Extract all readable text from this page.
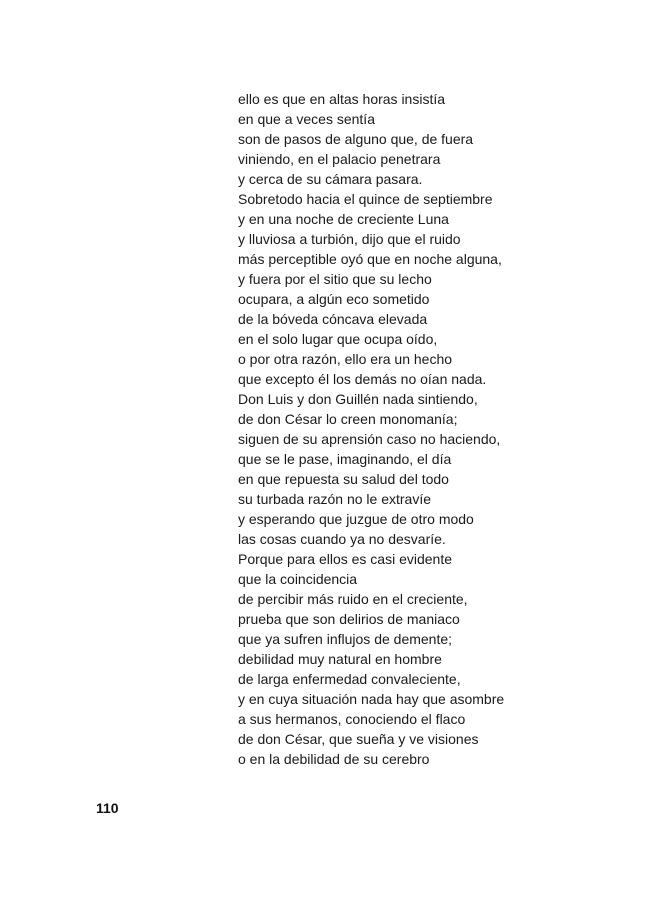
ello es que en altas horas insistía
en que a veces sentía
son de pasos de alguno que, de fuera
viniendo, en el palacio penetrara
y cerca de su cámara pasara.
Sobretodo hacia el quince de septiembre
y en una noche de creciente Luna
y lluviosa a turbión, dijo que el ruido
más perceptible oyó que en noche alguna,
y fuera por el sitio que su lecho
ocupara, a algún eco sometido
de la bóveda cóncava elevada
en el solo lugar que ocupa oído,
o por otra razón, ello era un hecho
que excepto él los demás no oían nada.
Don Luis y don Guillén nada sintiendo,
de don César lo creen monomanía;
siguen de su aprensión caso no haciendo,
que se le pase, imaginando, el día
en que repuesta su salud del todo
su turbada razón no le extravíe
y esperando que juzgue de otro modo
las cosas cuando ya no desvaríe.
Porque para ellos es casi evidente
que la coincidencia
de percibir más ruido en el creciente,
prueba que son delirios de maniaco
que ya sufren influjos de demente;
debilidad muy natural en hombre
de larga enfermedad convaleciente,
y en cuya situación nada hay que asombre
a sus hermanos, conociendo el flaco
de don César, que sueña y ve visiones
o en la debilidad de su cerebro
110
